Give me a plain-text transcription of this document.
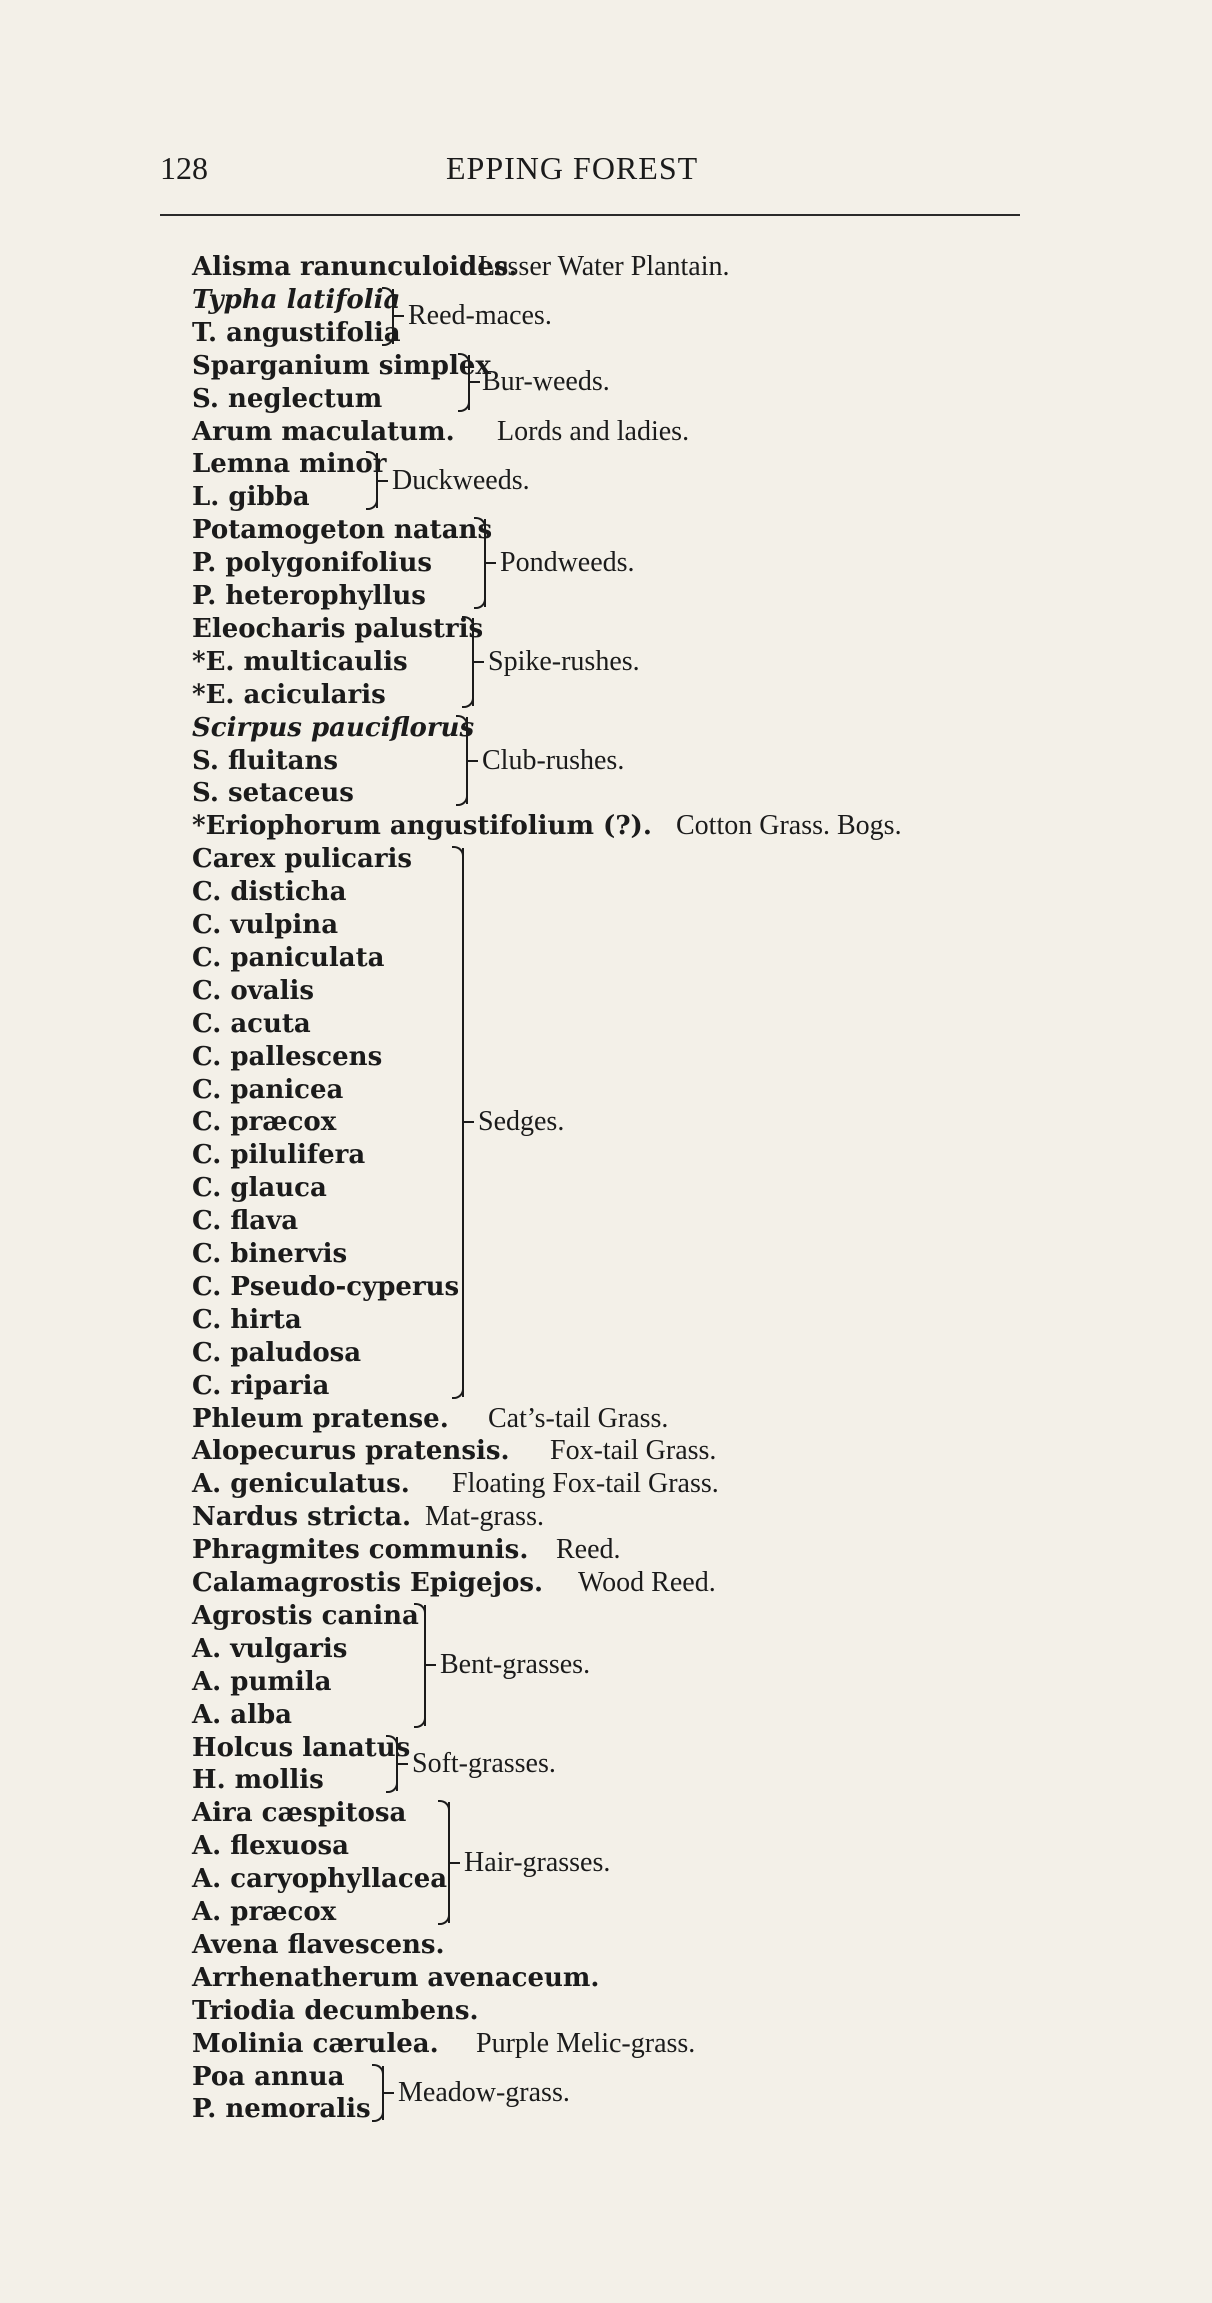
128	EPPING FOREST
Alisma ranunculoides.
Lesser Water Plantain.
Typha latifolia
T. angustifolia
Sparganium simplex
S. neglectum
Arum maculatum. Lords and ladies.
Lemna minor
L. gibba
Potamogeton natans
P. polygonifolius
P. heterophyllus
Eleocharis palustris
*E. multicaulis
*E. acicularis
Scirpus pauciflorus
S. fluitans
S. setaceus
*Eriophorum angustifolium (?). Cotton Grass. Bogs.
Carex pulicaris
C. disticha
C. vulpina
C. paniculata
C. ovalis
C. acuta
C. pallescens
C. panicea
C. præcox
C. pilulifera
C. glauca
C. flava
C. binervis
C. Pseudo-cyperus
C. hirta
C. paludosa
C. riparia
Phleum pratense. Cat’s-tail Grass.
Alopecurus pratensis. Fox-tail Grass.
A. geniculatus. Floating Fox-tail Grass.
Nardus stricta. Mat-grass.
Phragmites communis. Reed.
Calamagrostis Epigejos. Wood Reed.
Agrostis canina
A. vulgaris
A. pumila
A. alba
Holcus lanatus
H. mollis
Aira cæspitosa
A. flexuosa
A. caryophyllacea
A. præcox
Avena flavescens.
Arrhenatherum avenaceum.
Triodia decumbens.
Molinia cærulea. Purple Melic-grass.
Poa annua
P. nemoralis
Reed-maces.
Bur-weeds.
Duckweeds.
Pondweeds.
Spike-rushes.
Club-rushes.
Sedges.
Bent-grasses.
Soft-grasses.
Hair-grasses.
Meadow-grass.
